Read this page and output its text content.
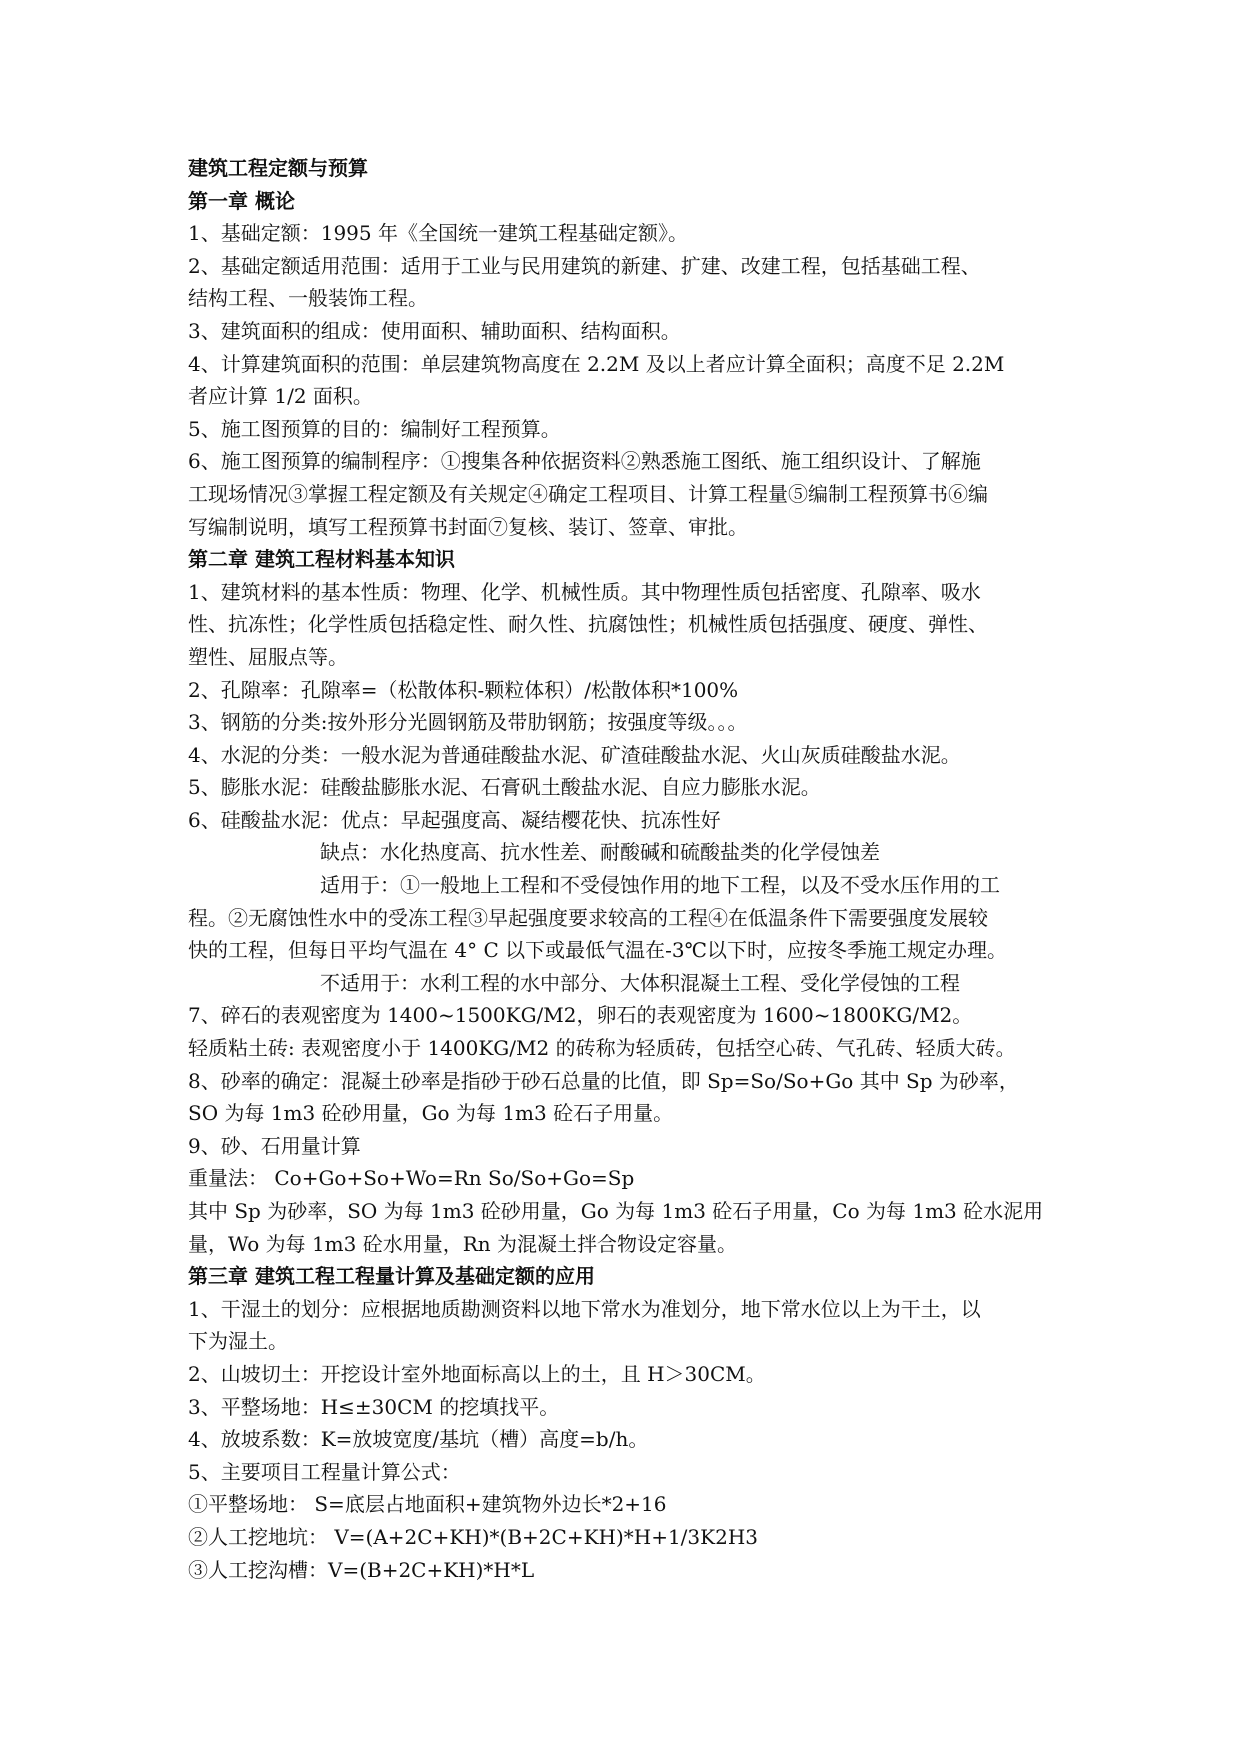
建筑工程定额与预算
第一章 概论
1、基础定额：1995 年《全国统一建筑工程基础定额》。
2、基础定额适用范围：适用于工业与民用建筑的新建、扩建、改建工程，包括基础工程、
结构工程、一般装饰工程。
3、建筑面积的组成：使用面积、辅助面积、结构面积。
4、计算建筑面积的范围：单层建筑物高度在 2.2M 及以上者应计算全面积；高度不足 2.2M
者应计算 1/2 面积。
5、施工图预算的目的：编制好工程预算。
6、施工图预算的编制程序：①搜集各种依据资料②熟悉施工图纸、施工组织设计、了解施
工现场情况③掌握工程定额及有关规定④确定工程项目、计算工程量⑤编制工程预算书⑥编
写编制说明，填写工程预算书封面⑦复核、装订、签章、审批。
第二章 建筑工程材料基本知识
1、建筑材料的基本性质：物理、化学、机械性质。其中物理性质包括密度、孔隙率、吸水
性、抗冻性；化学性质包括稳定性、耐久性、抗腐蚀性；机械性质包括强度、硬度、弹性、
塑性、屈服点等。
2、孔隙率：孔隙率=（松散体积-颗粒体积）/松散体积*100%
3、钢筋的分类:按外形分光圆钢筋及带肋钢筋；按强度等级。。。
4、水泥的分类：一般水泥为普通硅酸盐水泥、矿渣硅酸盐水泥、火山灰质硅酸盐水泥。
5、膨胀水泥：硅酸盐膨胀水泥、石膏矾土酸盐水泥、自应力膨胀水泥。
6、硅酸盐水泥：优点：早起强度高、凝结樱花快、抗冻性好
缺点：水化热度高、抗水性差、耐酸碱和硫酸盐类的化学侵蚀差
适用于：①一般地上工程和不受侵蚀作用的地下工程，以及不受水压作用的工
程。②无腐蚀性水中的受冻工程③早起强度要求较高的工程④在低温条件下需要强度发展较
快的工程，但每日平均气温在 4° C 以下或最低气温在-3℃以下时，应按冬季施工规定办理。
不适用于：水利工程的水中部分、大体积混凝土工程、受化学侵蚀的工程
7、碎石的表观密度为 1400~1500KG/M2，卵石的表观密度为 1600~1800KG/M2。
轻质粘土砖: 表观密度小于 1400KG/M2 的砖称为轻质砖，包括空心砖、气孔砖、轻质大砖。
8、砂率的确定：混凝土砂率是指砂于砂石总量的比值，即 Sp=So/So+Go 其中 Sp 为砂率，
SO 为每 1m3 砼砂用量，Go 为每 1m3 砼石子用量。
9、砂、石用量计算
重量法： Co+Go+So+Wo=Rn So/So+Go=Sp
其中 Sp 为砂率，SO 为每 1m3 砼砂用量，Go 为每 1m3 砼石子用量，Co 为每 1m3 砼水泥用
量，Wo 为每 1m3 砼水用量，Rn 为混凝土拌合物设定容量。
第三章 建筑工程工程量计算及基础定额的应用
1、干湿土的划分：应根据地质勘测资料以地下常水为准划分，地下常水位以上为干土，以
下为湿土。
2、山坡切土：开挖设计室外地面标高以上的土，且 H＞30CM。
3、平整场地：H≤±30CM 的挖填找平。
4、放坡系数：K=放坡宽度/基坑（槽）高度=b/h。
5、主要项目工程量计算公式：
①平整场地： S=底层占地面积+建筑物外边长*2+16
②人工挖地坑： V=(A+2C+KH)*(B+2C+KH)*H+1/3K2H3
③人工挖沟槽：V=(B+2C+KH)*H*L
